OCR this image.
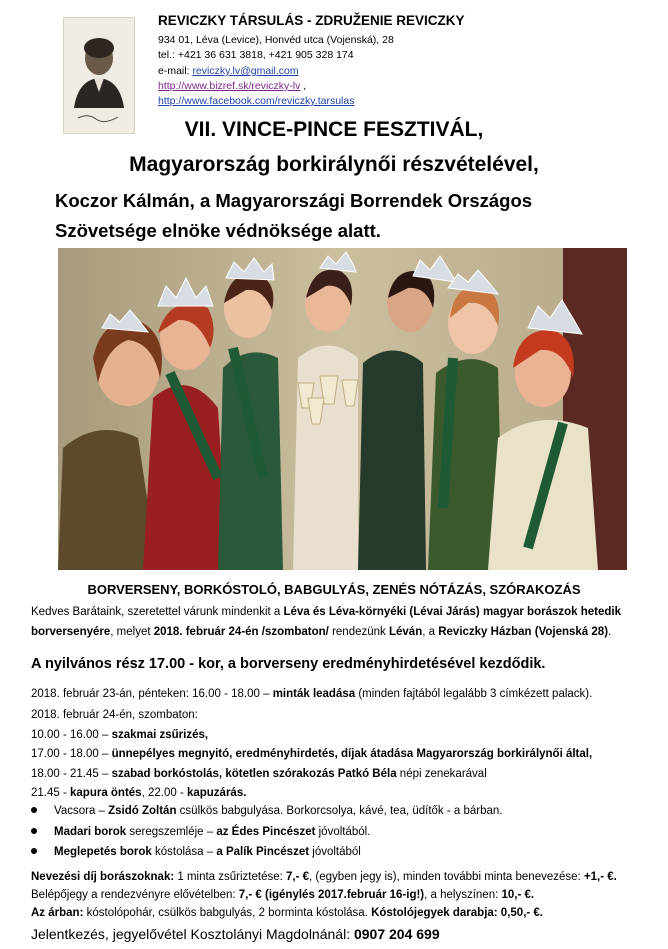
REVICZKY TÁRSULÁS - ZDRUŽENIE REVICZKY
934 01, Léva (Levice), Honvéd utca (Vojenská), 28
tel.: +421 36 631 3818, +421 905 328 174
e-mail: reviczky.lv@gmail.com
http://www.bizref.sk/reviczky-lv ,
http://www.facebook.com/reviczky.tarsulas
VII. VINCE-PINCE FESZTIVÁL,
Magyarország borkirálynői részvételével,
Koczor Kálmán, a Magyarországi Borrendek Országos
Szövetsége elnöke védnöksége alatt.
BORVERSENY, BORKÓSTOLÓ, BABGULYÁS, ZENÉS NÓTÁZÁS, SZÓRAKOZÁS
Kedves Barátaink, szeretettel várunk mindenkit a Léva és Léva-környéki (Lévai Járás) magyar borászok hetedik
borversenyére, melyet 2018. február 24-én /szombaton/ rendezünk Léván, a Reviczky Házban (Vojenská 28).
A nyilvános rész 17.00 - kor, a borverseny eredményhirdetésével kezdődik.
2018. február 23-án, pénteken: 16.00 - 18.00 – minták leadása (minden fajtából legalább 3 címkézett palack).
2018. február 24-én, szombaton:
10.00 - 16.00 – szakmai zsűrizés,
17.00 - 18.00 – ünnepélyes megnyitó, eredményhirdetés, díjak átadása Magyarország borkirálynői által,
18.00 - 21.45 – szabad borkóstolás, kötetlen szórakozás Patkó Béla népi zenekarával
21.45 - kapura öntés, 22.00 - kapuzárás.
Vacsora – Zsidó Zoltán csülkös babgulyása. Borkorcsolya, kávé, tea, üdítők - a bárban.
Madari borok seregszemléje – az Édes Pincészet jóvoltából.
Meglepetés borok kóstolása – a Palík Pincészet jóvoltából
Nevezési díj borászoknak: 1 minta zsűriztetése: 7,- €, (egyben jegy is), minden további minta benevezése: +1,- €.
Belépőjegy a rendezvényre elővételben: 7,- € (igénylés 2017.február 16-ig!), a helyszínen: 10,- €.
Az árban: kóstolópohár, csülkös babgulyás, 2 borminta kóstolása. Kóstolójegyek darabja: 0,50,- €.
Jelentkezés, jegyelővétel Kosztolányi Magdolnánál: 0907 204 699
